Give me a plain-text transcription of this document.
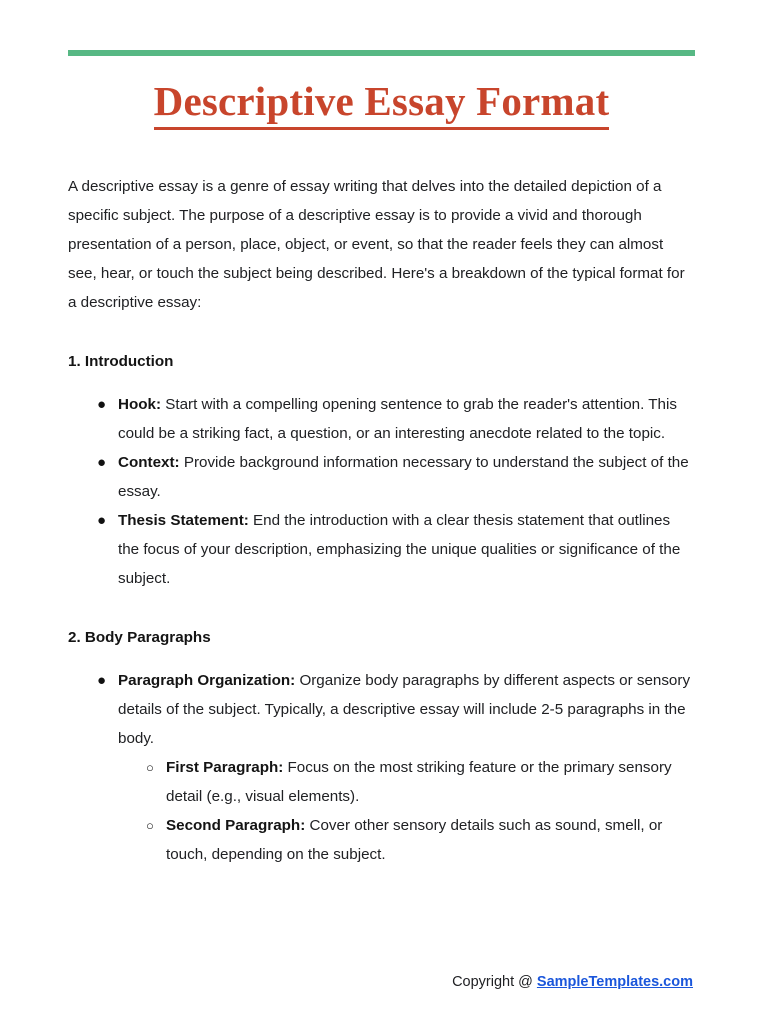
Descriptive Essay Format

A descriptive essay is a genre of essay writing that delves into the detailed depiction of a specific subject. The purpose of a descriptive essay is to provide a vivid and thorough presentation of a person, place, object, or event, so that the reader feels they can almost see, hear, or touch the subject being described. Here's a breakdown of the typical format for a descriptive essay:

1. Introduction
● Hook: Start with a compelling opening sentence to grab the reader's attention. This could be a striking fact, a question, or an interesting anecdote related to the topic.
● Context: Provide background information necessary to understand the subject of the essay.
● Thesis Statement: End the introduction with a clear thesis statement that outlines the focus of your description, emphasizing the unique qualities or significance of the subject.
2. Body Paragraphs
● Paragraph Organization: Organize body paragraphs by different aspects or sensory details of the subject. Typically, a descriptive essay will include 2-5 paragraphs in the body.
○ First Paragraph: Focus on the most striking feature or the primary sensory detail (e.g., visual elements).
○ Second Paragraph: Cover other sensory details such as sound, smell, or touch, depending on the subject.
Copyright @ SampleTemplates.com
